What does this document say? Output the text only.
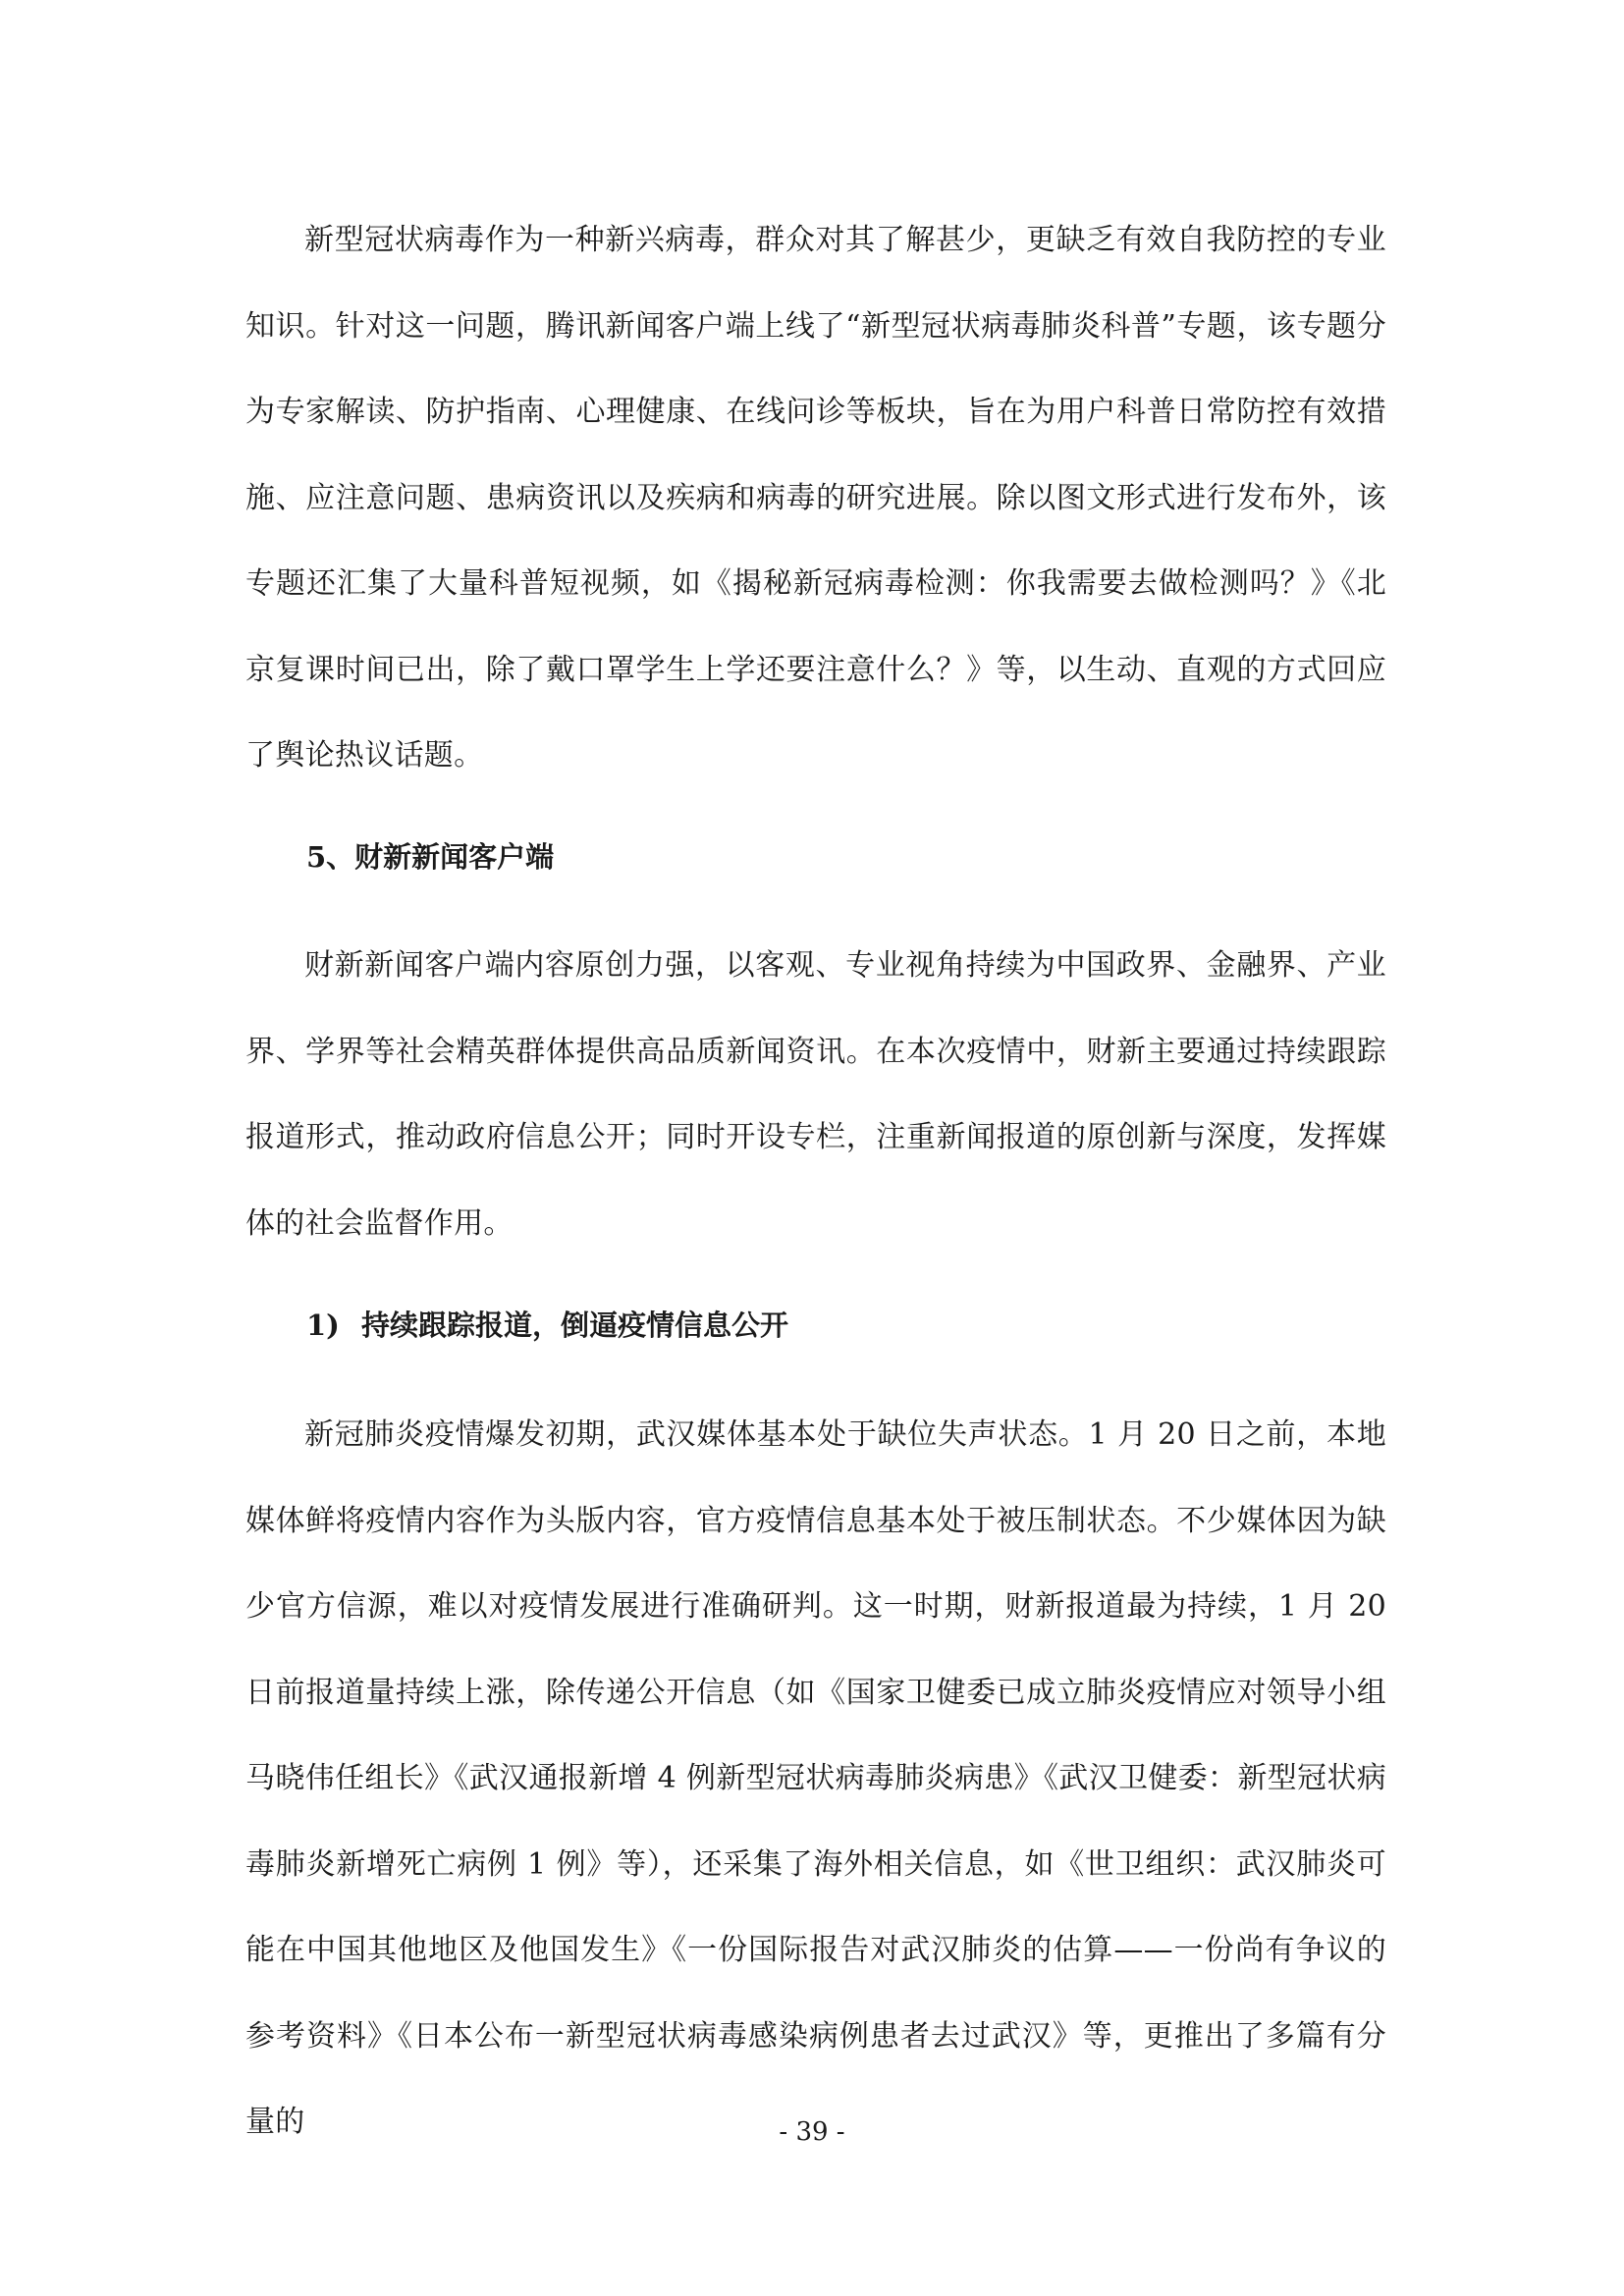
新型冠状病毒作为一种新兴病毒，群众对其了解甚少，更缺乏有效自我防控的专业知识。针对这一问题，腾讯新闻客户端上线了“新型冠状病毒肺炎科普”专题，该专题分为专家解读、防护指南、心理健康、在线问诊等板块，旨在为用户科普日常防控有效措施、应注意问题、患病资讯以及疾病和病毒的研究进展。除以图文形式进行发布外，该专题还汇集了大量科普短视频，如《揭秘新冠病毒检测：你我需要去做检测吗？》《北京复课时间已出，除了戴口罩学生上学还要注意什么？》等，以生动、直观的方式回应了舆论热议话题。

5、财新新闻客户端

财新新闻客户端内容原创力强，以客观、专业视角持续为中国政界、金融界、产业界、学界等社会精英群体提供高品质新闻资讯。在本次疫情中，财新主要通过持续跟踪报道形式，推动政府信息公开；同时开设专栏，注重新闻报道的原创新与深度，发挥媒体的社会监督作用。

1) 持续跟踪报道，倒逼疫情信息公开

新冠肺炎疫情爆发初期，武汉媒体基本处于缺位失声状态。1 月 20 日之前，本地媒体鲜将疫情内容作为头版内容，官方疫情信息基本处于被压制状态。不少媒体因为缺少官方信源，难以对疫情发展进行准确研判。这一时期，财新报道最为持续，1 月 20 日前报道量持续上涨，除传递公开信息（如《国家卫健委已成立肺炎疫情应对领导小组马晓伟任组长》《武汉通报新增 4 例新型冠状病毒肺炎病患》《武汉卫健委：新型冠状病毒肺炎新增死亡病例 1 例》等），还采集了海外相关信息，如《世卫组织：武汉肺炎可能在中国其他地区及他国发生》《一份国际报告对武汉肺炎的估算——一份尚有争议的参考资料》《日本公布一新型冠状病毒感染病例患者去过武汉》等，更推出了多篇有分量的	- 39 -
